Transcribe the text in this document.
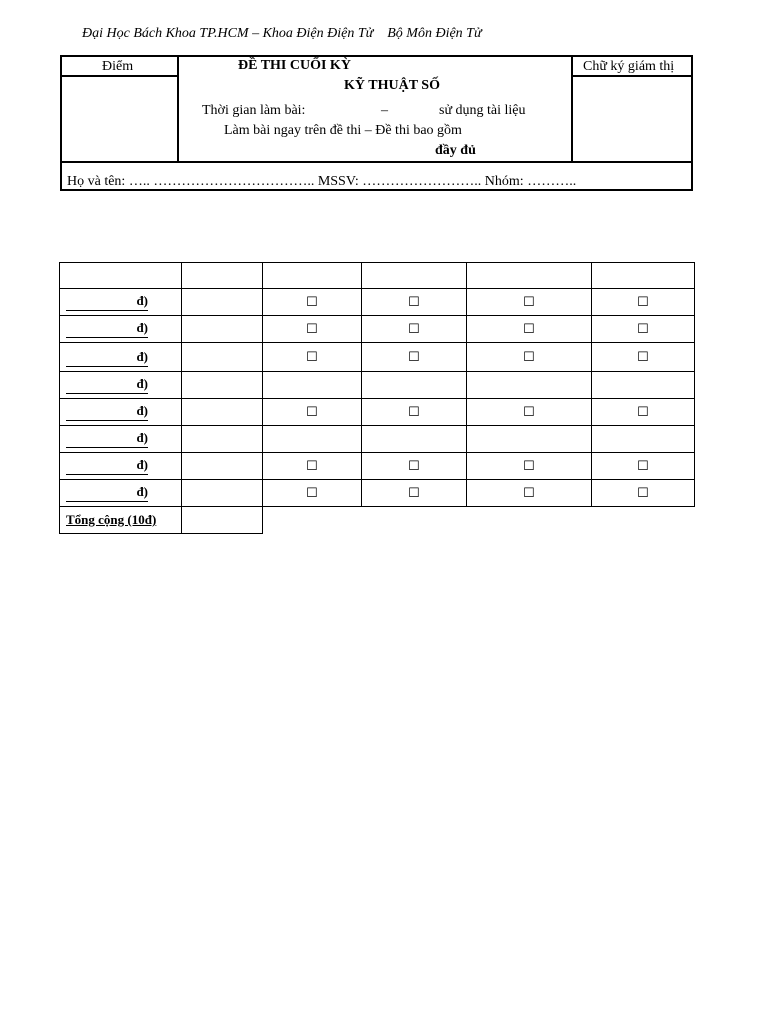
Đại Học Bách Khoa TP.HCM – Khoa Điện Điện Tử    Bộ Môn Điện Tử
Điểm	ĐỀ THI CUỐI KỲ
KỸ THUẬT SỐ
Thời gian làm bài:	–	sử dụng tài liệu
Làm bài ngay trên đề thi – Đề thi bao gồm
đầy đủ
Chữ ký giám thị
Họ và tên: ….. …………………………….. MSSV: …………………….. Nhóm: ………..

đ)		☐	☐	☐	☐

đ)		☐	☐	☐	☐

đ)		☐	☐	☐	☐

đ)					

đ)		☐	☐	☐	☐

đ)					

đ)		☐	☐	☐	☐

đ)		☐	☐	☐	☐
Tổng cộng (10đ)					
